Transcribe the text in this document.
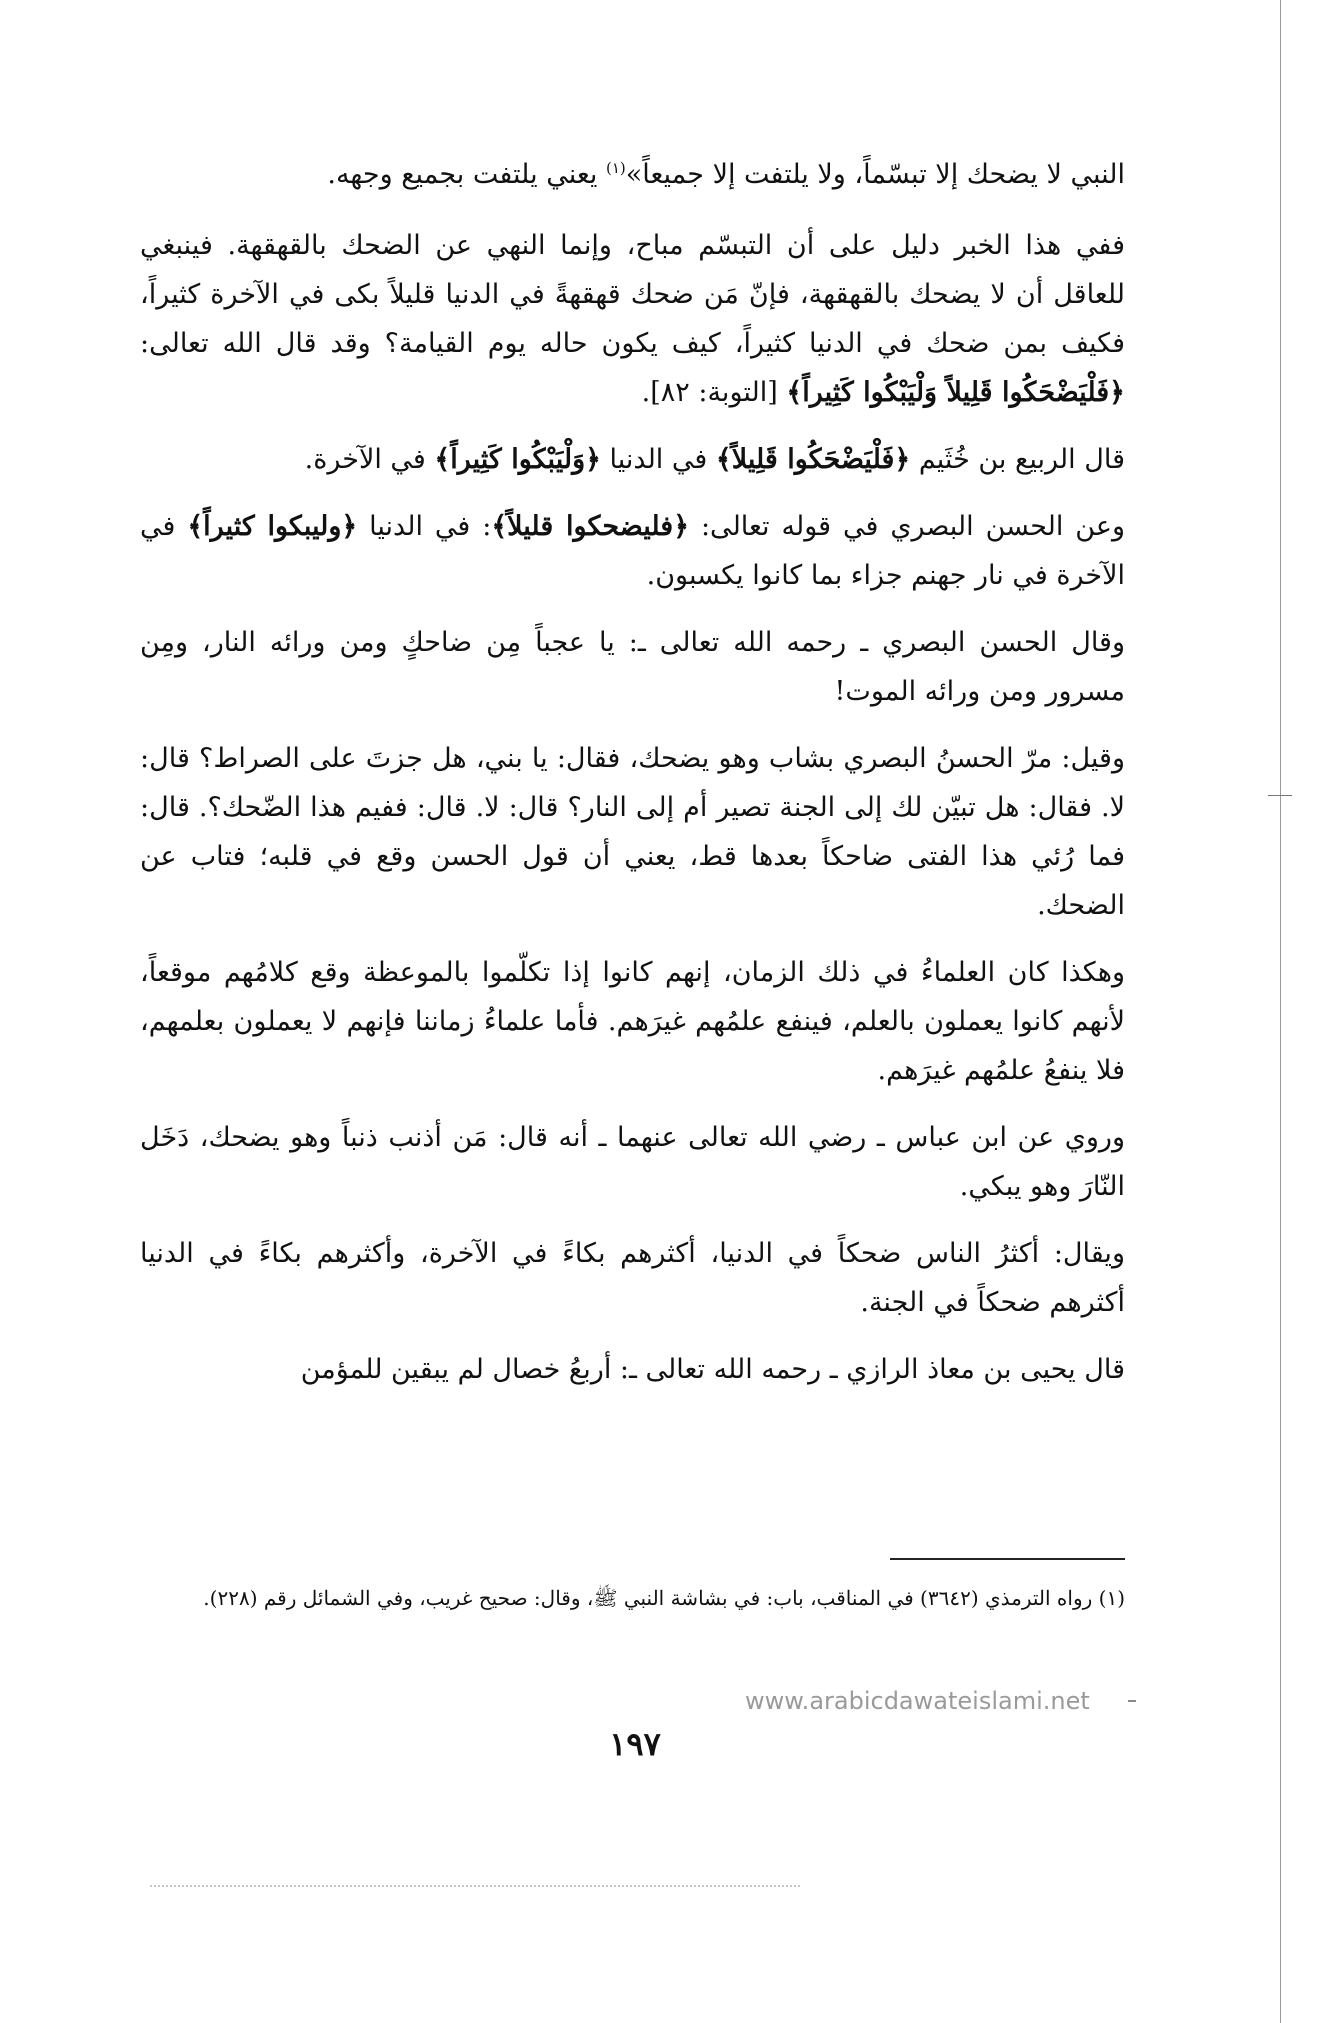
النبي لا يضحك إلا تبسّماً، ولا يلتفت إلا جميعاً»$^{(١)}$ يعني يلتفت بجميع وجهه.

ففي هذا الخبر دليل على أن التبسّم مباح، وإنما النهي عن الضحك بالقهقهة. فينبغي للعاقل أن لا يضحك بالقهقهة، فإنّ مَن ضحك قهقهةً في الدنيا قليلاً بكى في الآخرة كثيراً، فكيف بمن ضحك في الدنيا كثيراً، كيف يكون حاله يوم القيامة؟ وقد قال الله تعالى: ﴿فَلْيَضْحَكُوا قَلِيلاً وَلْيَبْكُوا كَثِيراً﴾ [التوبة: ٨٢].

قال الربيع بن خُثَيم ﴿فَلْيَضْحَكُوا قَلِيلاً﴾ في الدنيا ﴿وَلْيَبْكُوا كَثِيراً﴾ في الآخرة.

وعن الحسن البصري في قوله تعالى: ﴿فليضحكوا قليلاً﴾: في الدنيا ﴿وليبكوا كثيراً﴾ في الآخرة في نار جهنم جزاء بما كانوا يكسبون.

وقال الحسن البصري ـ رحمه الله تعالى ـ: يا عجباً مِن ضاحكٍ ومن ورائه النار، ومِن مسرور ومن ورائه الموت!

وقيل: مرّ الحسنُ البصري بشاب وهو يضحك، فقال: يا بني، هل جزتَ على الصراط؟ قال: لا. فقال: هل تبيّن لك إلى الجنة تصير أم إلى النار؟ قال: لا. قال: ففيم هذا الضّحك؟. قال: فما رُئي هذا الفتى ضاحكاً بعدها قط، يعني أن قول الحسن وقع في قلبه؛ فتاب عن الضحك.

وهكذا كان العلماءُ في ذلك الزمان، إنهم كانوا إذا تكلّموا بالموعظة وقع كلامُهم موقعاً، لأنهم كانوا يعملون بالعلم، فينفع علمُهم غيرَهم. فأما علماءُ زماننا فإنهم لا يعملون بعلمهم، فلا ينفعُ علمُهم غيرَهم.

وروي عن ابن عباس ـ رضي الله تعالى عنهما ـ أنه قال: مَن أذنب ذنباً وهو يضحك، دَخَل النّارَ وهو يبكي.

ويقال: أكثرُ الناس ضحكاً في الدنيا، أكثرهم بكاءً في الآخرة، وأكثرهم بكاءً في الدنيا أكثرهم ضحكاً في الجنة.

قال يحيى بن معاذ الرازي ـ رحمه الله تعالى ـ: أربعُ خصال لم يبقين للمؤمن

(١) رواه الترمذي (٣٦٤٢) في المناقب، باب: في بشاشة النبي ﷺ، وقال: صحيح غريب، وفي الشمائل رقم (٢٢٨).
www.arabicdawateislami.net
١٩٧
